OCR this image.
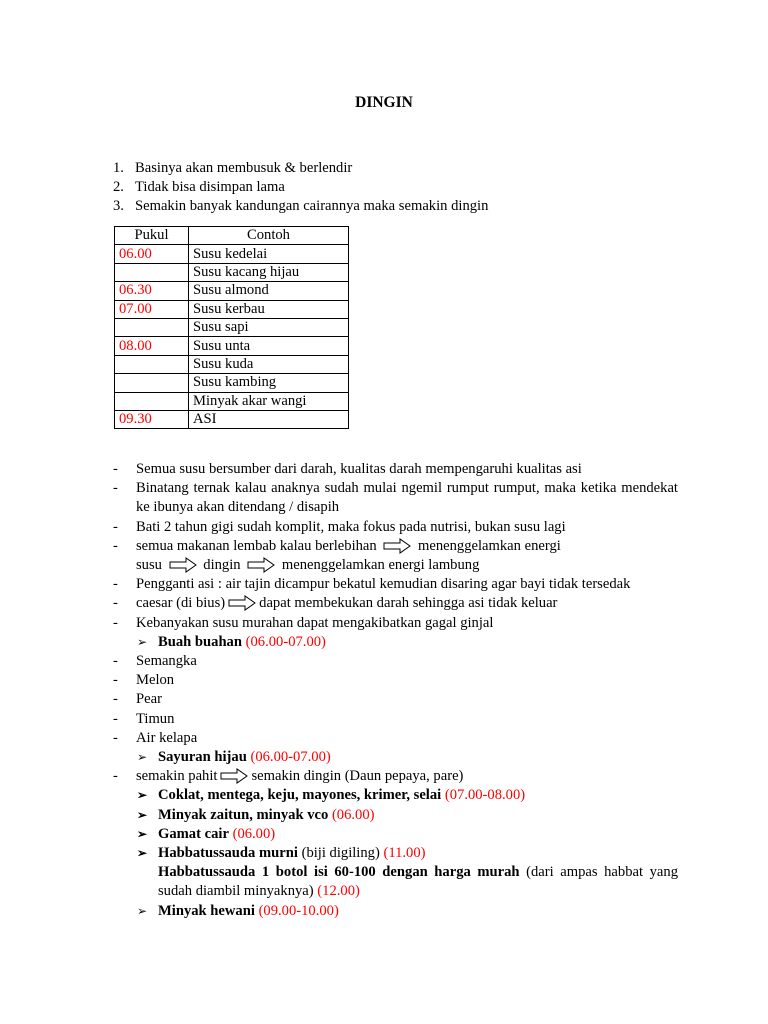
DINGIN
1. Basinya akan membusuk & berlendir
2. Tidak bisa disimpan lama
3. Semakin banyak kandungan cairannya maka semakin dingin
Pukul	Contoh
06.00	Susu kedelai
	Susu kacang hijau
06.30	Susu almond
07.00	Susu kerbau
	Susu sapi
08.00	Susu unta
	Susu kuda
	Susu kambing
	Minyak akar wangi
09.30	ASI
- Semua susu bersumber dari darah, kualitas darah mempengaruhi kualitas asi
- Binatang ternak kalau anaknya sudah mulai ngemil rumput rumput, maka ketika mendekat ke ibunya akan ditendang / disapih
- Bati 2 tahun gigi sudah komplit, maka fokus pada nutrisi, bukan susu lagi
- semua makanan lembab kalau berlebihan	menenggelamkan energi
susu	dingin	menenggelamkan energi lambung
- Pengganti asi : air tajin dicampur bekatul kemudian disaring agar bayi tidak tersedak
- caesar (di bius) dapat membekukan darah sehingga asi tidak keluar
- Kebanyakan susu murahan dapat mengakibatkan gagal ginjal
➢ Buah buahan (06.00-07.00)
- Semangka
- Melon
- Pear
- Timun
- Air kelapa
➢ Sayuran hijau (06.00-07.00)
- semakin pahit semakin dingin (Daun pepaya, pare)
➢ Coklat, mentega, keju, mayones, krimer, selai (07.00-08.00)
➢ Minyak zaitun, minyak vco (06.00)
➢ Gamat cair (06.00)
➢ Habbatussauda murni (biji digiling) (11.00)
Habbatussauda 1 botol isi 60-100 dengan harga murah (dari ampas habbat yang sudah diambil minyaknya) (12.00)
➢ Minyak hewani (09.00-10.00)
